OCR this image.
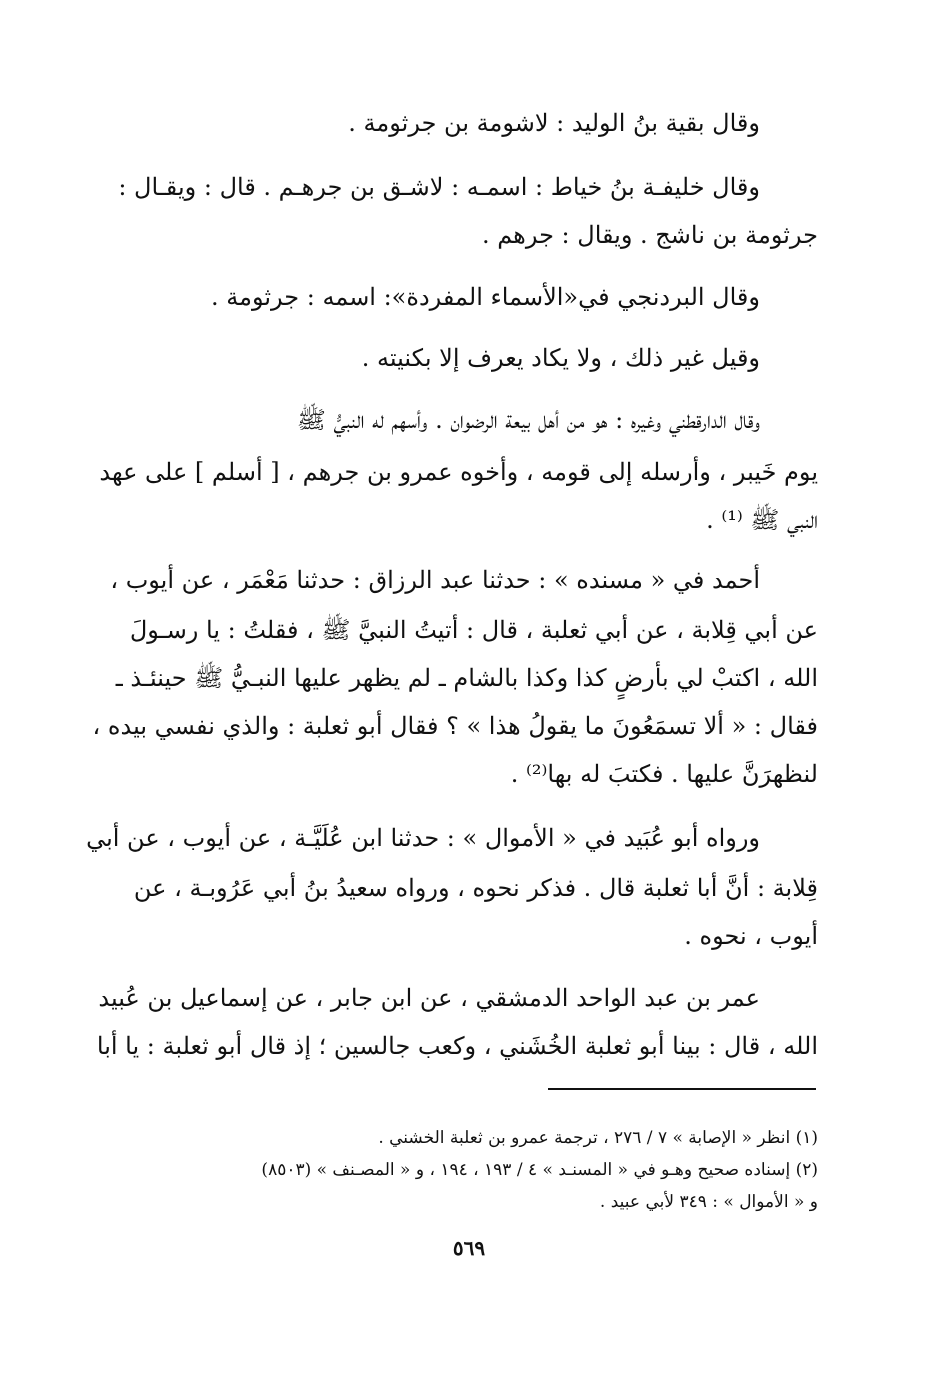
وقال بقية بنُ الوليد : لاشومة بن جرثومة .
وقال خليفـة بنُ خياط : اسمـه : لاشـق بن جرهـم . قال : ويقـال :
جرثومة بن ناشج . ويقال : جرهم .
وقال البردنجي في«الأسماء المفردة»: اسمه : جرثومة .
وقيل غير ذلك ، ولا يكاد يعرف إلا بكنيته .
وقال الدارقطني وغيره : هو من أهل بيعة الرضوان . وأسهم له النبيُّ ﷺ
يوم خَيبر ، وأرسله إلى قومه ، وأخوه عمرو بن جرهم ، [ أسلم ] على عهد
النبي ﷺ ⁽¹⁾ .
أحمد في « مسنده » : حدثنا عبد الرزاق : حدثنا مَعْمَر ، عن أيوب ،
عن أبي قِلابة ، عن أبي ثعلبة ، قال : أتيتُ النبيَّ ﷺ ، فقلتُ : يا رسـولَ
الله ، اكتبْ لي بأرضٍ كذا وكذا بالشام ـ لم يظهر عليها النبـيُّ ﷺ حينئـذ ـ
فقال : « ألا تسمَعُونَ ما يقولُ هذا » ؟ فقال أبو ثعلبة : والذي نفسي بيده ،
لنظهرَنَّ عليها . فكتبَ له بها⁽²⁾ .
ورواه أبو عُبَيد في « الأموال » : حدثنا ابن عُلَيَّـة ، عن أيوب ، عن أبي
قِلابة : أنَّ أبا ثعلبة قال . فذكر نحوه ، ورواه سعيدُ بنُ أبي عَرُوبـة ، عن
أيوب ، نحوه .
عمر بن عبد الواحد الدمشقي ، عن ابن جابر ، عن إسماعيل بن عُبيد
الله ، قال : بينا أبو ثعلبة الخُشَني ، وكعب جالسين ؛ إذ قال أبو ثعلبة : يا أبا
(١) انظر « الإصابة » ٧ / ٢٧٦ ، ترجمة عمرو بن ثعلبة الخشني .
(٢) إسناده صحيح وهـو في « المسنـد » ٤ / ١٩٣ ، ١٩٤ ، و « المصـنف » (٨٥٠٣)
و « الأموال » : ٣٤٩ لأبي عبيد .
٥٦٩
